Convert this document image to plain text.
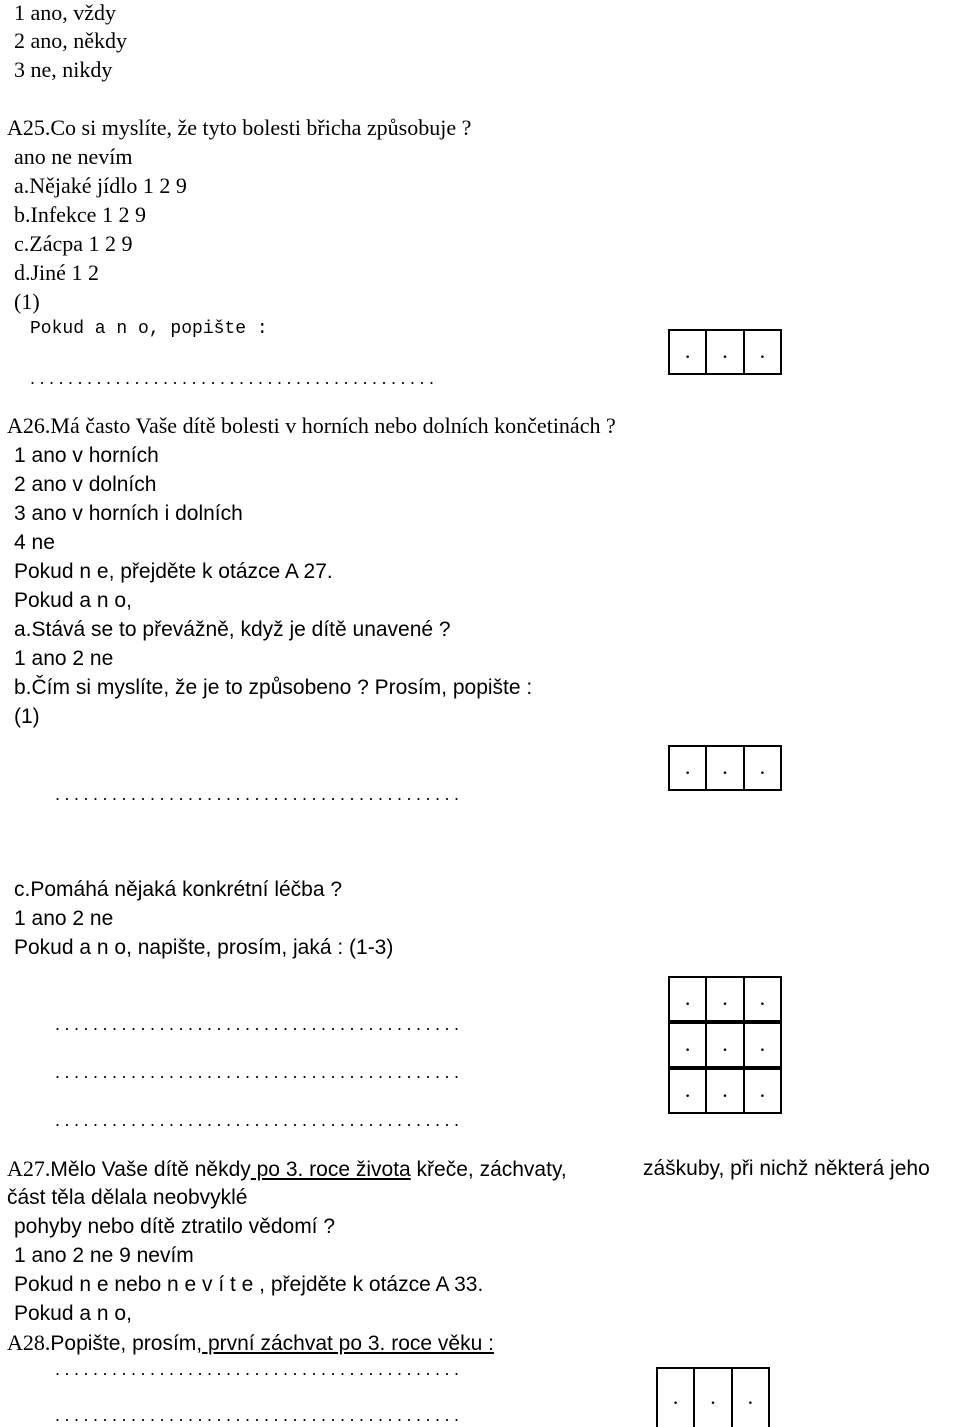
1 ano, vždy
2 ano, někdy
3 ne, nikdy
A25.Co si myslíte, že tyto bolesti břicha způsobuje ?
ano ne nevím
a.Nějaké jídlo 1 2 9
b.Infekce 1 2 9
c.Zácpa 1 2 9
d.Jiné 1 2
(1)
Pokud a n o, popište :
...........................................
. . .
A26.Má často Vaše dítě bolesti v horních nebo dolních končetinách ?
1 ano v horních
2 ano v dolních
3 ano v horních i dolních
4 ne
Pokud n e, přejděte k otázce A 27.
Pokud a n o,
a.Stává se to převážně, když je dítě unavené ?
1 ano 2 ne
b.Čím si myslíte, že je to způsobeno ? Prosím, popište :
(1)
...........................................
. . .
c.Pomáhá nějaká konkrétní léčba ?
1 ano 2 ne
Pokud a n o, napište, prosím, jaká : (1-3)
...........................................
...........................................
...........................................
. . .
. . .
. . .
A27.Mělo Vaše dítě někdy po 3. roce života křeče, záchvaty,	záškuby, při nichž některá jeho
část těla dělala neobvyklé
pohyby nebo dítě ztratilo vědomí ?
1 ano 2 ne 9 nevím
Pokud n e nebo n e v í t e , přejděte k otázce A 33.
Pokud a n o,
A28.Popište, prosím, první záchvat po 3. roce věku :
...........................................
...........................................
. . .
